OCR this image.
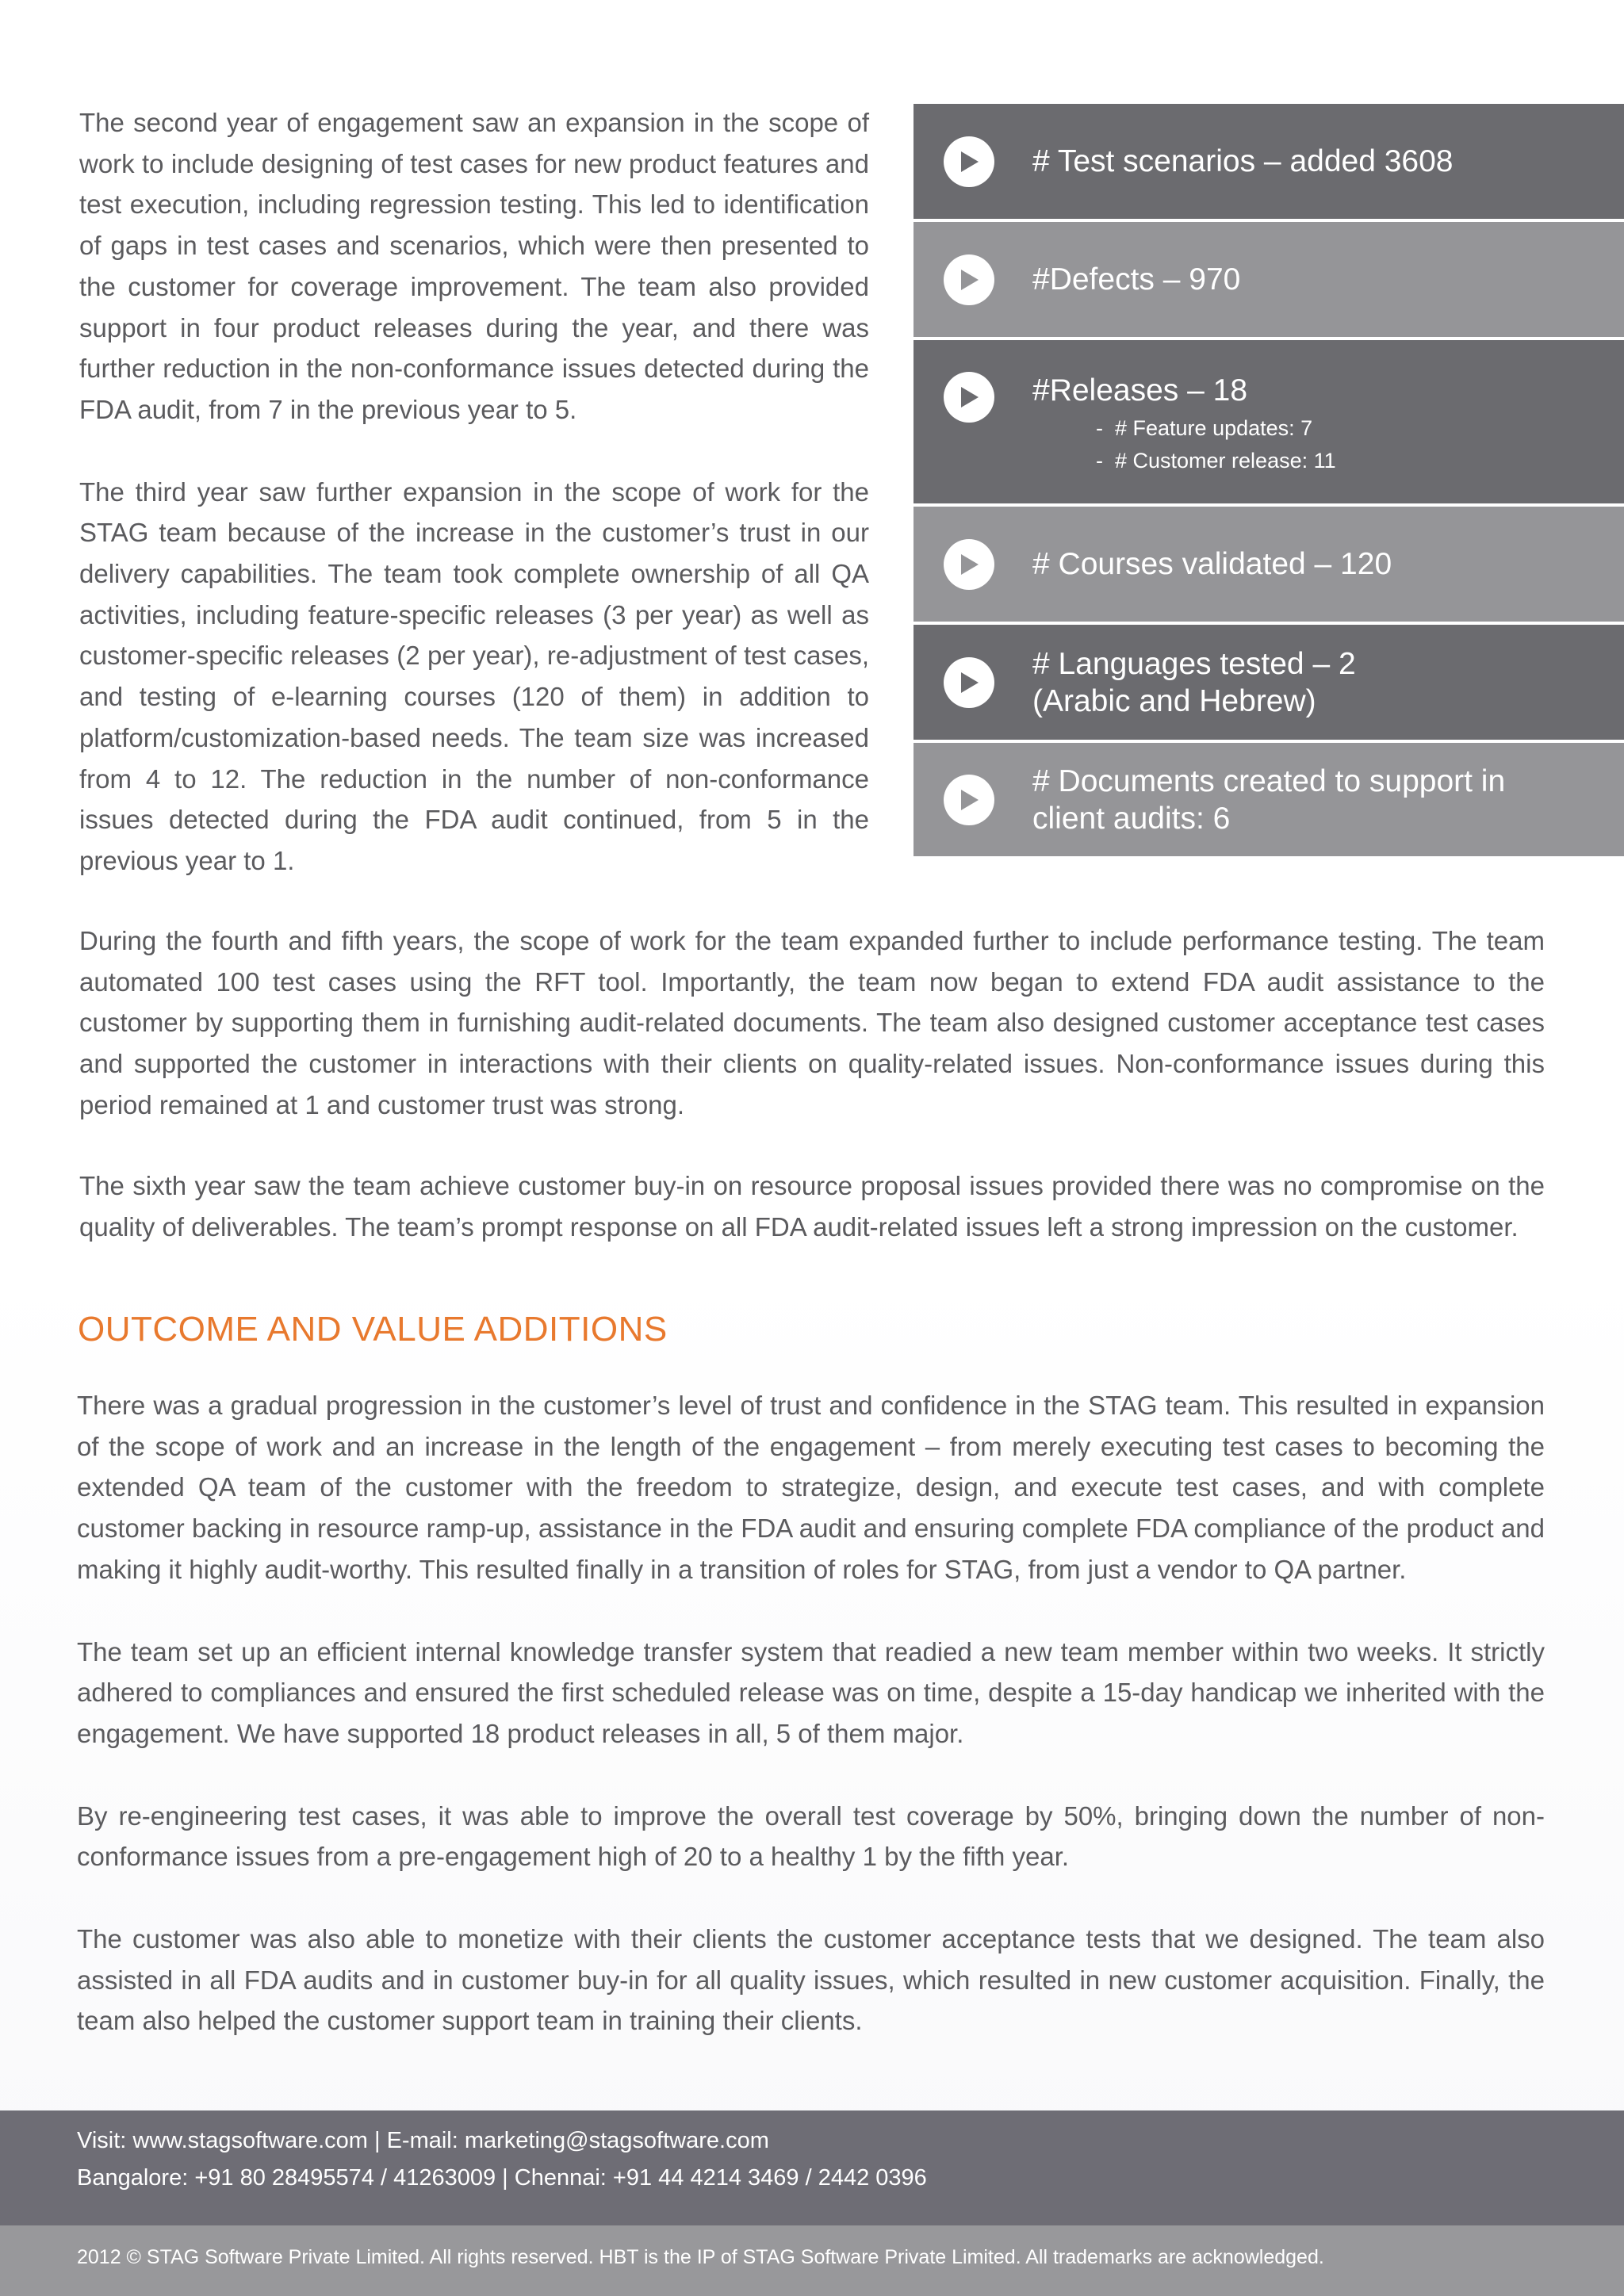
The second year of engagement saw an expansion in the scope of work to include designing of test cases for new product features and test execution, including regression testing. This led to identification of gaps in test cases and scenarios, which were then presented to the customer for coverage improvement. The team also provided support in four product releases during the year, and there was further reduction in the non-conformance issues detected during the FDA audit, from 7 in the previous year to 5.

The third year saw further expansion in the scope of work for the STAG team because of the increase in the customer’s trust in our delivery capabilities. The team took complete ownership of all QA activities, including feature-specific releases (3 per year) as well as customer-specific releases (2 per year), re-adjustment of test cases, and testing of e-learning courses (120 of them) in addition to platform/customization-based needs. The team size was increased from 4 to 12. The reduction in the number of non-conformance issues detected during the FDA audit continued, from 5 in the previous year to 1.

# Test scenarios – added 3608
#Defects – 970
#Releases – 18
- # Feature updates: 7
- # Customer release: 11
# Courses validated – 120
# Languages tested – 2
(Arabic and Hebrew)
# Documents created to support in
client audits: 6

During the fourth and fifth years, the scope of work for the team expanded further to include performance testing. The team automated 100 test cases using the RFT tool. Importantly, the team now began to extend FDA audit assistance to the customer by supporting them in furnishing audit-related documents. The team also designed customer acceptance test cases and supported the customer in interactions with their clients on quality-related issues. Non-conformance issues during this period remained at 1 and customer trust was strong.

The sixth year saw the team achieve customer buy-in on resource proposal issues provided there was no compromise on the quality of deliverables. The team’s prompt response on all FDA audit-related issues left a strong impression on the customer.

OUTCOME AND VALUE ADDITIONS

There was a gradual progression in the customer’s level of trust and confidence in the STAG team. This resulted in expansion of the scope of work and an increase in the length of the engagement – from merely executing test cases to becoming the extended QA team of the customer with the freedom to strategize, design, and execute test cases, and with complete customer backing in resource ramp-up, assistance in the FDA audit and ensuring complete FDA compliance of the product and making it highly audit-worthy. This resulted finally in a transition of roles for STAG, from just a vendor to QA partner.

The team set up an efficient internal knowledge transfer system that readied a new team member within two weeks. It strictly adhered to compliances and ensured the first scheduled release was on time, despite a 15-day handicap we inherited with the engagement. We have supported 18 product releases in all, 5 of them major.

By re-engineering test cases, it was able to improve the overall test coverage by 50%, bringing down the number of non-conformance issues from a pre-engagement high of 20 to a healthy 1 by the fifth year.

The customer was also able to monetize with their clients the customer acceptance tests that we designed. The team also assisted in all FDA audits and in customer buy-in for all quality issues, which resulted in new customer acquisition. Finally, the team also helped the customer support team in training their clients.

Visit: www.stagsoftware.com | E-mail: marketing@stagsoftware.com
Bangalore: +91 80 28495574 / 41263009 | Chennai: +91 44 4214 3469 / 2442 0396
2012 © STAG Software Private Limited. All rights reserved. HBT is the IP of STAG Software Private Limited. All trademarks are acknowledged.
